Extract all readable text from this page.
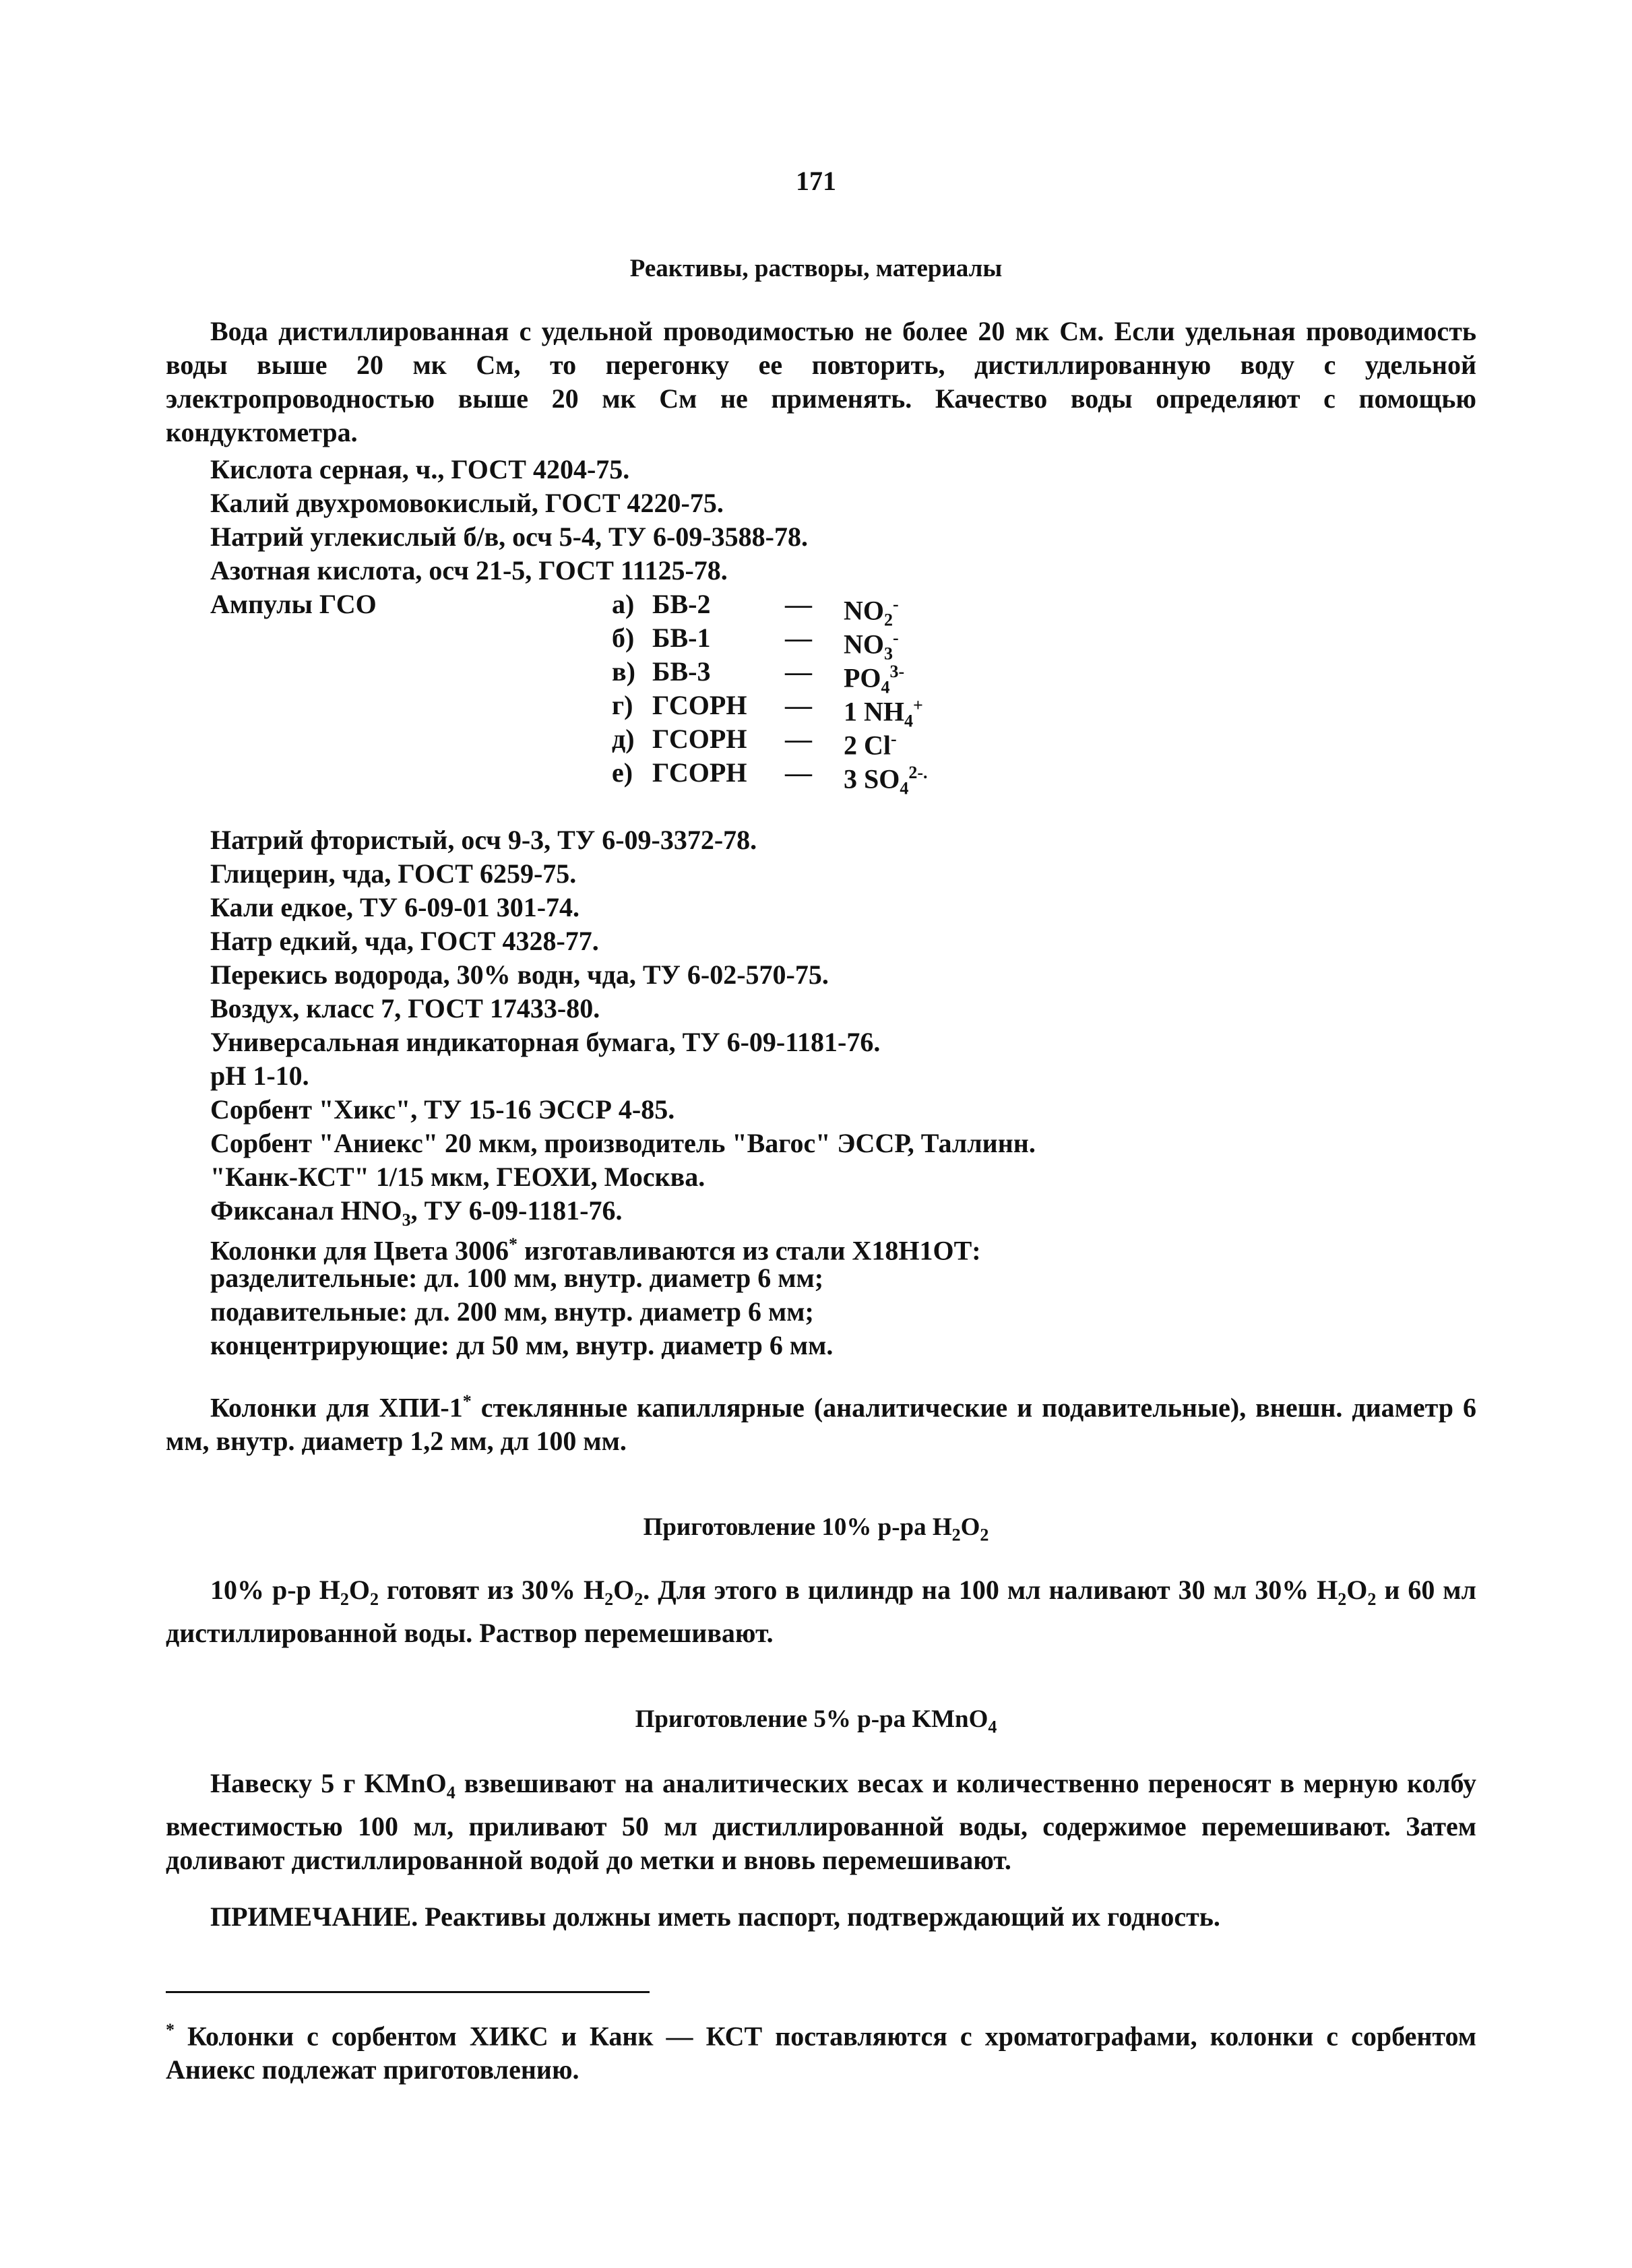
171
Реактивы, растворы, материалы
Вода дистиллированная с удельной проводимостью не более 20 мк См. Если удельная проводимость воды выше 20 мк См, то перегонку ее повторить, дистиллированную воду с удельной электропроводностью выше 20 мк См не применять. Качество воды определяют с помощью кондуктометра.
Кислота серная, ч., ГОСТ 4204-75.
Калий двухромовокислый, ГОСТ 4220-75.
Натрий углекислый б/в, осч 5-4, ТУ 6-09-3588-78.
Азотная кислота, осч 21-5, ГОСТ 11125-78.
Ампулы ГСО	а) БВ-2	— $NO_2^-$
б) БВ-1	— $NO_3^-$
в) БВ-3	— $PO_4^{3-}$
г) ГСОРН — 1 $NH_4^+$
д) ГСОРН — 2 Cl-
е) ГСОРН — 3 $SO_4^{2-.}$
Натрий фтористый, осч 9-3, ТУ 6-09-3372-78.
Глицерин, чда, ГОСТ 6259-75.
Кали едкое, ТУ 6-09-01 301-74.
Натр едкий, чда, ГОСТ 4328-77.
Перекись водорода, 30% водн, чда, ТУ 6-02-570-75.
Воздух, класс 7, ГОСТ 17433-80.
Универсальная индикаторная бумага, ТУ 6-09-1181-76.
pH 1-10.
Сорбент "Хикс", ТУ 15-16 ЭССР 4-85.
Сорбент "Аниекс" 20 мкм, производитель "Вагос" ЭССР, Таллинн.
"Канк-КСТ" 1/15 мкм, ГЕОХИ, Москва.
Фиксанал $HNO_3$, ТУ 6-09-1181-76.
Колонки для Цвета 3006* изготавливаются из стали Х18Н1ОТ:
разделительные: дл. 100 мм, внутр. диаметр 6 мм;
подавительные: дл. 200 мм, внутр. диаметр 6 мм;
концентрирующие: дл 50 мм, внутр. диаметр 6 мм.
Колонки для ХПИ-1* стеклянные капиллярные (аналитические и подавительные), внешн. диаметр 6 мм, внутр. диаметр 1,2 мм, дл 100 мм.
Приготовление 10% р-ра $H_2O_2$
10% р-р $H_2O_2$ готовят из 30% $H_2O_2$. Для этого в цилиндр на 100 мл наливают 30 мл 30% $H_2O_2$ и 60 мл дистиллированной воды. Раствор перемешивают.
Приготовление 5% р-ра KMnO$_4$
Навеску 5 г KMnO$_4$ взвешивают на аналитических весах и количественно переносят в мерную колбу вместимостью 100 мл, приливают 50 мл дистиллированной воды, содержимое перемешивают. Затем доливают дистиллированной водой до метки и вновь перемешивают.
ПРИМЕЧАНИЕ. Реактивы должны иметь паспорт, подтверждающий их годность.
* Колонки с сорбентом ХИКС и Канк — КСТ поставляются с хроматографами, колонки с сорбентом Аниекс подлежат приготовлению.
